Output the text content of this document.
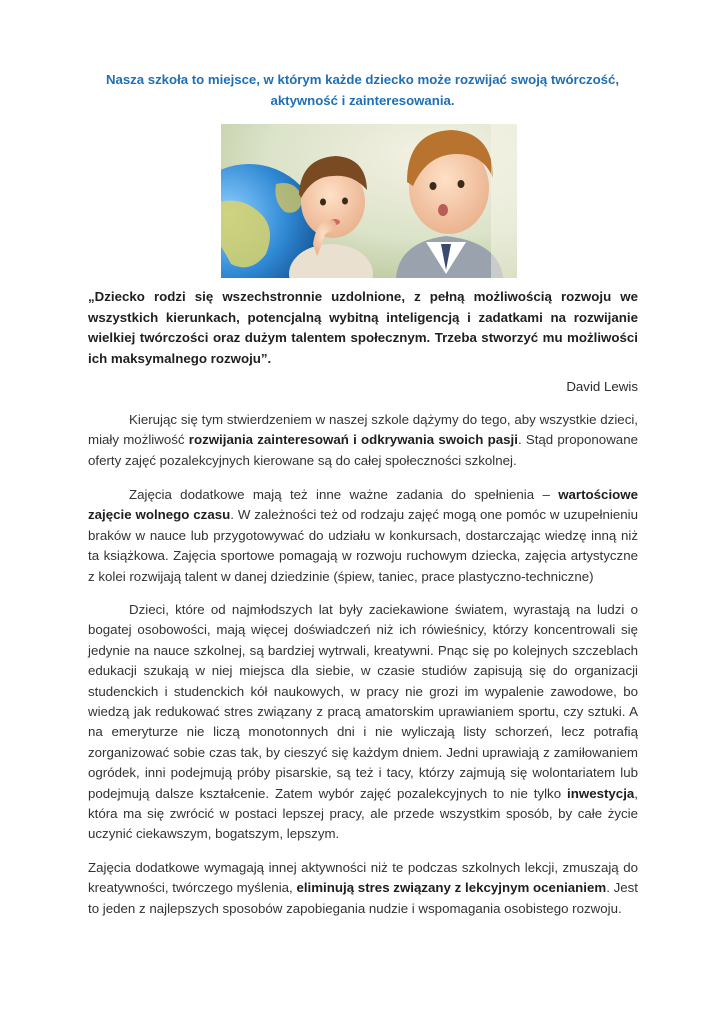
Nasza szkoła to miejsce, w którym każde dziecko może rozwijać swoją twórczość,
aktywność i zainteresowania.
„Dziecko rodzi się wszechstronnie uzdolnione, z pełną możliwością rozwoju we wszystkich kierunkach, potencjalną wybitną inteligencją i zadatkami na rozwijanie wielkiej twórczości oraz dużym talentem społecznym. Trzeba stworzyć mu możliwości ich maksymalnego rozwoju”.
David Lewis

Kierując się tym stwierdzeniem w naszej szkole dążymy do tego, aby wszystkie dzieci, miały możliwość rozwijania zainteresowań i odkrywania swoich pasji. Stąd proponowane oferty zajęć pozalekcyjnych kierowane są do całej społeczności szkolnej.

Zajęcia dodatkowe mają też inne ważne zadania do spełnienia – wartościowe zajęcie wolnego czasu. W zależności też od rodzaju zajęć mogą one pomóc w uzupełnieniu braków w nauce lub przygotowywać do udziału w konkursach, dostarczając wiedzę inną niż ta książkowa. Zajęcia sportowe pomagają w rozwoju ruchowym dziecka, zajęcia artystyczne z kolei rozwijają talent w danej dziedzinie (śpiew, taniec, prace plastyczno-techniczne)

Dzieci, które od najmłodszych lat były zaciekawione światem, wyrastają na ludzi o bogatej osobowości, mają więcej doświadczeń niż ich rówieśnicy, którzy koncentrowali się jedynie na nauce szkolnej, są bardziej wytrwali, kreatywni. Pnąc się po kolejnych szczeblach edukacji szukają w niej miejsca dla siebie, w czasie studiów zapisują się do organizacji studenckich i studenckich kół naukowych, w pracy nie grozi im wypalenie zawodowe, bo wiedzą jak redukować stres związany z pracą amatorskim uprawianiem sportu, czy sztuki. A na emeryturze nie liczą monotonnych dni i nie wyliczają listy schorzeń, lecz potrafią zorganizować sobie czas tak, by cieszyć się każdym dniem. Jedni uprawiają z zamiłowaniem ogródek, inni podejmują próby pisarskie, są też i tacy, którzy zajmują się wolontariatem lub podejmują dalsze kształcenie. Zatem wybór zajęć pozalekcyjnych to nie tylko inwestycja, która ma się zwrócić w postaci lepszej pracy, ale przede wszystkim sposób, by całe życie uczynić ciekawszym, bogatszym, lepszym.

Zajęcia dodatkowe wymagają innej aktywności niż te podczas szkolnych lekcji, zmuszają do kreatywności, twórczego myślenia, eliminują stres związany z lekcyjnym ocenianiem. Jest to jeden z najlepszych sposobów zapobiegania nudzie i wspomagania osobistego rozwoju.
